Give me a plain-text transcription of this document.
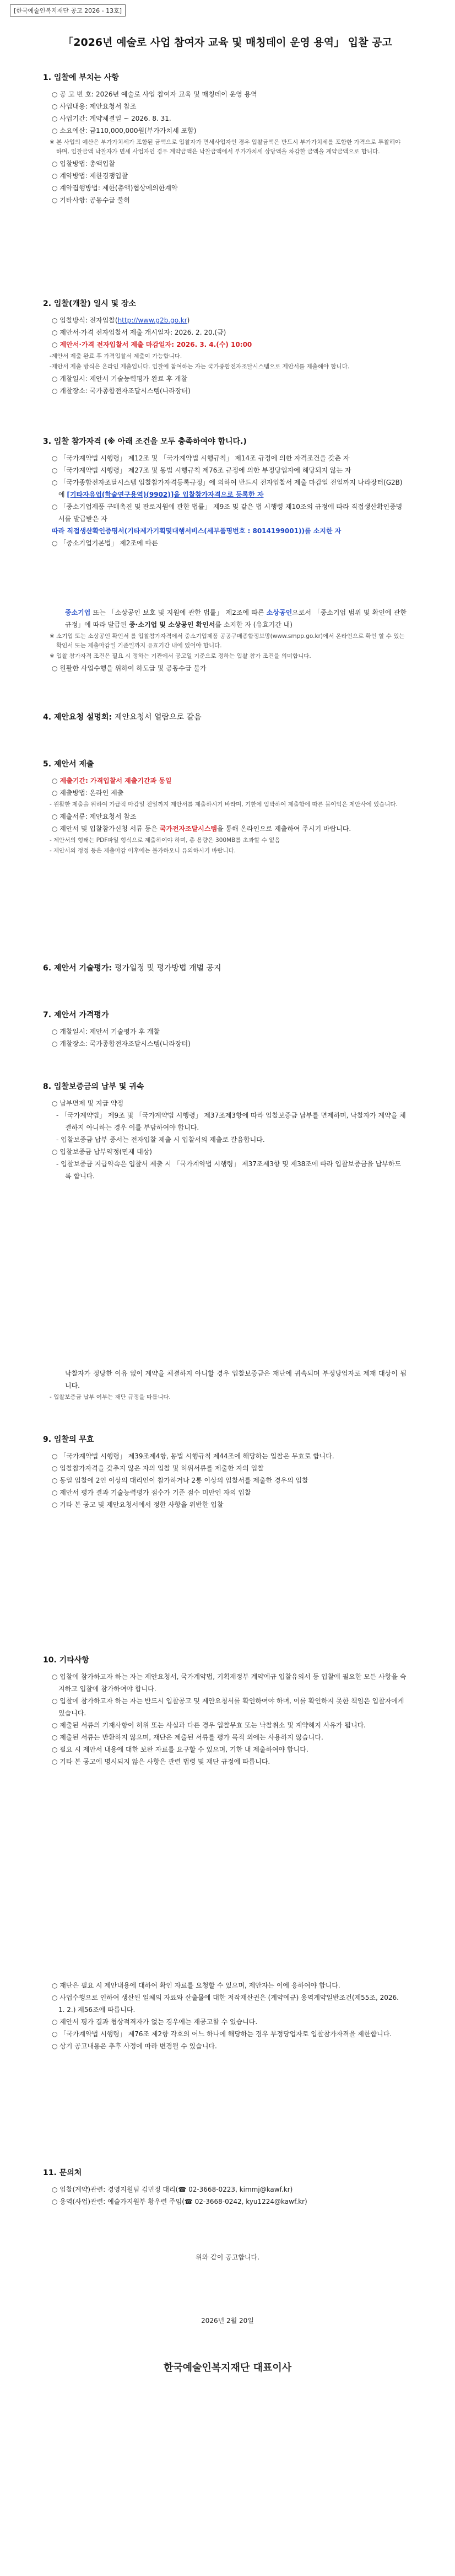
[한국예술인복지재단 공고 2026 - 13호]
「2026년 예술로 사업 참여자 교육 및 매칭데이 운영 용역」 입찰 공고

1. 입찰에 부치는 사항

○ 공 고 번 호: 2026년 예술로 사업 참여자 교육 및 매칭데이 운영 용역

○ 사업내용: 제안요청서 참조

○ 사업기간: 계약체결일 ~ 2026. 8. 31.

○ 소요예산: 금110,000,000원(부가가치세 포함)

※ 본 사업의 예산은 부가가치세가 포함된 금액으로 입찰자가 면세사업자인 경우 입찰금액은 반드시 부가가치세를 포함한 가격으로 투찰해야 하며, 입찰금액 낙찰자가 면세 사업자인 경우 계약금액은 낙찰금액에서 부가가치세 상당액을 차감한 금액을 계약금액으로 합니다.

○ 입찰방법: 총액입찰

○ 계약방법: 제한경쟁입찰

○ 계약집행방법: 제한(총액)협상에의한계약

○ 기타사항: 공동수급 불허

2. 입찰(개찰) 일시 및 장소

○ 입찰방식: 전자입찰(http://www.g2b.go.kr)

○ 제안서·가격 전자입찰서 제출 개시일자: 2026. 2. 20.(금)

○ 제안서·가격 전자입찰서 제출 마감일자: 2026. 3. 4.(수) 10:00

-제안서 제출 완료 후 가격입찰서 제출이 가능합니다.

-제안서 제출 방식은 온라인 제출입니다. 입찰에 참여하는 자는 국가종합전자조달시스템으로 제안서를 제출해야 합니다.

○ 개찰일시: 제안서 기술능력평가 완료 후 개찰

○ 개찰장소: 국가종합전자조달시스템(나라장터)

3. 입찰 참가자격 (※ 아래 조건을 모두 충족하여야 합니다.)

○ 「국가계약법 시행령」 제12조 및 「국가계약법 시행규칙」 제14조 규정에 의한 자격조건을 갖춘 자

○ 「국가계약법 시행령」 제27조 및 동법 시행규칙 제76조 규정에 의한 부정당업자에 해당되지 않는 자

○ 「국가종합전자조달시스템 입찰참가자격등록규정」에 의하여 반드시 전자입찰서 제출 마감일 전일까지 나라장터(G2B)에 [기타자유업(학술연구용역)(9902)]을 입찰참가자격으로 등록한 자

○ 「중소기업제품 구매촉진 및 판로지원에 관한 법률」 제9조 및 같은 법 시행령 제10조의 규정에 따라 직접생산확인증명서를 발급받은 자

따라 직접생산확인증명서(기타제가기획및대행서비스(세부품명번호 : 8014199001))를 소지한 자

○ 「중소기업기본법」 제2조에 따른

중소기업 또는 「소상공인 보호 및 지원에 관한 법률」 제2조에 따른 소상공인으로서 「중소기업 범위 및 확인에 관한 규정」에 따라 발급된 중·소기업 및 소상공인 확인서를 소지한 자 (유효기간 내)

※ 소기업 또는 소상공인 확인서 를 입찰참가자격에서 중소기업제품 공공구매종합정보망(www.smpp.go.kr)에서 온라인으로 확인 할 수 있는 확인서 또는 제출마감일 기준일까지 유효기간 내에 있어야 합니다.

※ 입찰 참가자격 조건은 필요 시 정하는 기관에서 공고일 기준으로 정하는 입찰 참가 조건을 의미합니다.

○ 원활한 사업수행을 위하여 하도급 및 공동수급 불가

4. 제안요청 설명회: 제안요청서 열람으로 갈음

5. 제안서 제출

○ 제출기간: 가격입찰서 제출기간과 동일

○ 제출방법: 온라인 제출

- 원활한 제출을 위하여 가급적 마감일 전일까지 제안서를 제출하시기 바라며, 기한에 임박하여 제출함에 따른 불이익은 제안사에 있습니다.

○ 제출서류: 제안요청서 참조

○ 제안서 및 입찰참가신청 서류 등은 국가전자조달시스템을 통해 온라인으로 제출하여 주시기 바랍니다.

- 제안서의 형태는 PDF파일 형식으로 제출하여야 하며, 총 용량은 300MB를 초과할 수 없음

- 제안서의 정정 등은 제출마감 이후에는 불가하오니 유의하시기 바랍니다.

6. 제안서 기술평가: 평가일정 및 평가방법 개별 공지

7. 제안서 가격평가

○ 개찰일시: 제안서 기술평가 후 개찰

○ 개찰장소: 국가종합전자조달시스템(나라장터)

8. 입찰보증금의 납부 및 귀속

○ 납부면제 및 지급 약정

- 「국가계약법」 제9조 및 「국가계약법 시행령」 제37조제3항에 따라 입찰보증금 납부를 면제하며, 낙찰자가 계약을 체결하지 아니하는 경우 이를 부담하여야 합니다.

- 입찰보증금 납부 증서는 전자입찰 제출 시 입찰서의 제출로 갈음합니다.

○ 입찰보증금 납부약정(면제 대상)

- 입찰보증금 지급약속은 입찰서 제출 시 「국가계약법 시행령」 제37조제3항 및 제38조에 따라 입찰보증금을 납부하도록 합니다.

낙찰자가 정당한 이유 없이 계약을 체결하지 아니할 경우 입찰보증금은 재단에 귀속되며 부정당업자로 제재 대상이 됩니다.

- 입찰보증금 납부 여부는 재단 규정을 따릅니다.

9. 입찰의 무효

○ 「국가계약법 시행령」 제39조제4항, 동법 시행규칙 제44조에 해당하는 입찰은 무효로 합니다.

○ 입찰참가자격을 갖추지 않은 자의 입찰 및 허위서류를 제출한 자의 입찰

○ 동일 입찰에 2인 이상의 대리인이 참가하거나 2통 이상의 입찰서를 제출한 경우의 입찰

○ 제안서 평가 결과 기술능력평가 점수가 기준 점수 미만인 자의 입찰

○ 기타 본 공고 및 제안요청서에서 정한 사항을 위반한 입찰

10. 기타사항

○ 입찰에 참가하고자 하는 자는 제안요청서, 국가계약법, 기획재정부 계약예규 입찰유의서 등 입찰에 필요한 모든 사항을 숙지하고 입찰에 참가하여야 합니다.

○ 입찰에 참가하고자 하는 자는 반드시 입찰공고 및 제안요청서를 확인하여야 하며, 이를 확인하지 못한 책임은 입찰자에게 있습니다.

○ 제출된 서류의 기재사항이 허위 또는 사실과 다른 경우 입찰무효 또는 낙찰취소 및 계약해지 사유가 됩니다.

○ 제출된 서류는 반환하지 않으며, 재단은 제출된 서류를 평가 목적 외에는 사용하지 않습니다.

○ 필요 시 제안서 내용에 대한 보완 자료를 요구할 수 있으며, 기한 내 제출하여야 합니다.

○ 기타 본 공고에 명시되지 않은 사항은 관련 법령 및 재단 규정에 따릅니다.

○ 재단은 필요 시 제안내용에 대하여 확인 자료를 요청할 수 있으며, 제안자는 이에 응하여야 합니다.

○ 사업수행으로 인하여 생산된 일체의 자료와 산출물에 대한 저작재산권은 (계약예규) 용역계약일반조건(제55조, 2026. 1. 2.) 제56조에 따릅니다.

○ 제안서 평가 결과 협상적격자가 없는 경우에는 재공고할 수 있습니다.

○ 「국가계약법 시행령」 제76조 제2항 각호의 어느 하나에 해당하는 경우 부정당업자로 입찰참가자격을 제한합니다.

○ 상기 공고내용은 추후 사정에 따라 변경될 수 있습니다.

11. 문의처

○ 입찰(계약)관련: 경영지원팀 김민정 대리(☎ 02-3668-0223, kimmj@kawf.kr)

○ 용역(사업)관련: 예술가지원부 황우련 주임(☎ 02-3668-0242, kyu1224@kawf.kr)

위와 같이 공고합니다.
2026년 2월 20일
한국예술인복지재단 대표이사
